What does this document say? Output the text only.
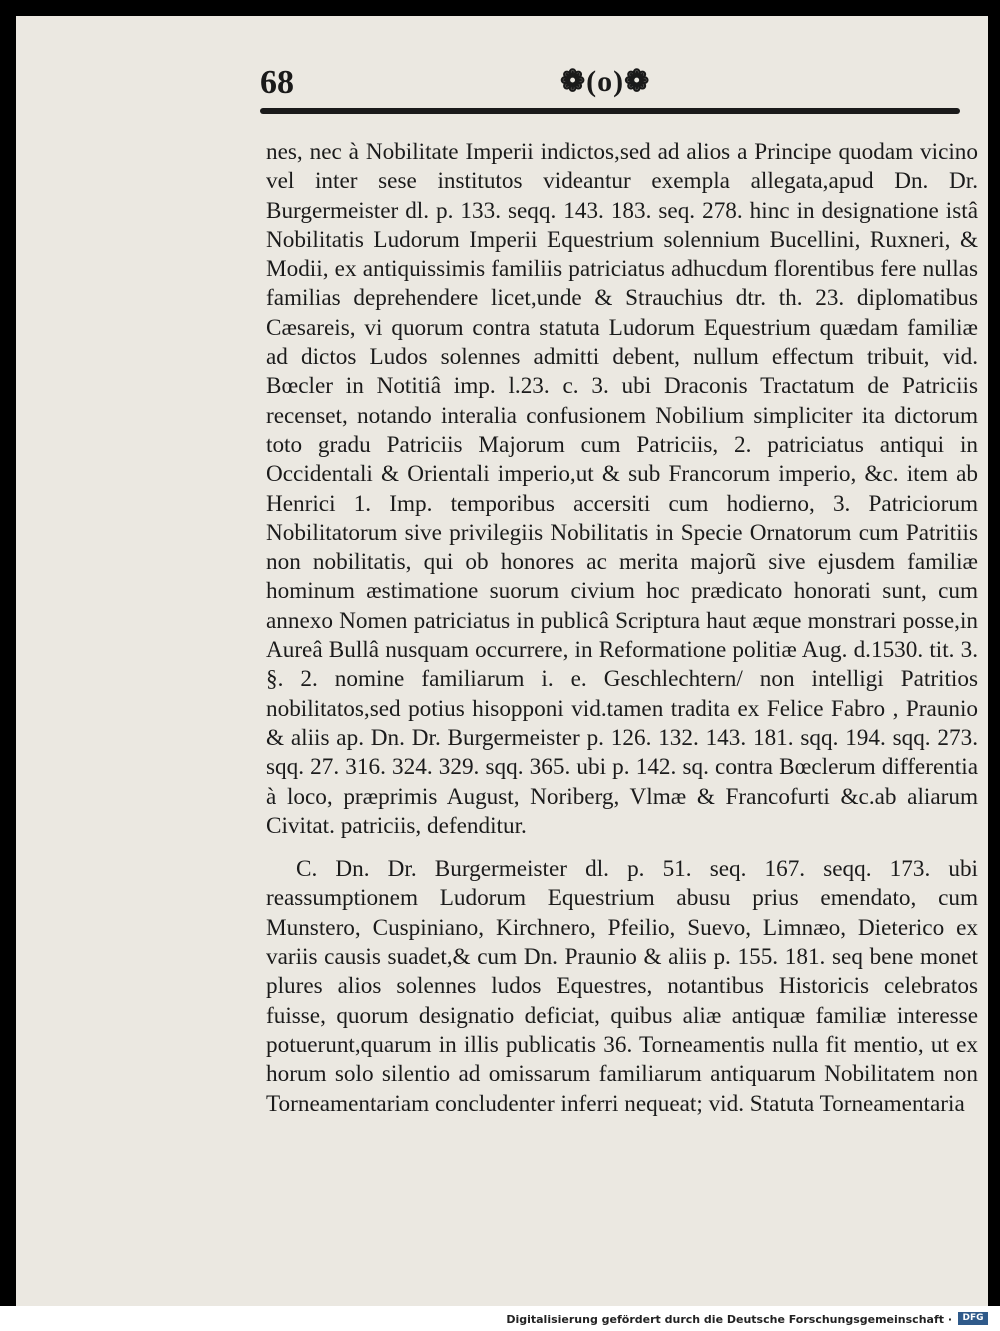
68	❁(o)❁

nes, nec à Nobilitate Imperii indictos,sed ad alios a Principe quodam vicino vel inter sese institutos videantur exempla allegata,apud Dn. Dr. Burgermeister dl. p. 133. seqq. 143. 183. seq. 278. hinc in designatione istâ Nobilitatis Ludorum Imperii Equestrium solennium Bucellini, Ruxneri, & Modii, ex antiquissimis familiis patriciatus adhucdum florentibus fere nullas familias deprehendere licet,unde & Strauchius dtr. th. 23. diplomatibus Cæsareis, vi quorum contra statuta Ludorum Equestrium quædam familiæ ad dictos Ludos solennes admitti debent, nullum effectum tribuit, vid. Bœcler in Notitiâ imp. l.23. c. 3. ubi Draconis Tractatum de Patriciis recenset, notando interalia confusionem Nobilium simpliciter ita dictorum toto gradu Patriciis Majorum cum Patriciis, 2. patriciatus antiqui in Occidentali & Orientali imperio,ut & sub Francorum imperio, &c. item ab Henrici 1. Imp. temporibus accersiti cum hodierno, 3. Patriciorum Nobilitatorum sive privilegiis Nobilitatis in Specie Ornatorum cum Patritiis non nobilitatis, qui ob honores ac merita majorũ sive ejusdem familiæ hominum æstimatione suorum civium hoc prædicato honorati sunt, cum annexo Nomen patriciatus in publicâ Scriptura haut æque monstrari posse,in Aureâ Bullâ nusquam occurrere, in Reformatione politiæ Aug. d.1530. tit. 3. §. 2. nomine familiarum i. e. Geschlechtern/ non intelligi Patritios nobilitatos,sed potius hisopponi vid.tamen tradita ex Felice Fabro , Praunio & aliis ap. Dn. Dr. Burgermeister p. 126. 132. 143. 181. sqq. 194. sqq. 273. sqq. 27. 316. 324. 329. sqq. 365. ubi p. 142. sq. contra Bœclerum differentia à loco, præprimis August, Noriberg, Vlmæ & Francofurti &c.ab aliarum Civitat. patriciis, defenditur.

C. Dn. Dr. Burgermeister dl. p. 51. seq. 167. seqq. 173. ubi reassumptionem Ludorum Equestrium abusu prius emendato, cum Munstero, Cuspiniano, Kirchnero, Pfeilio, Suevo, Limnæo, Dieterico ex variis causis suadet,& cum Dn. Praunio & aliis p. 155. 181. seq bene monet plures alios solennes ludos Equestres, notantibus Historicis celebratos fuisse, quorum designatio deficiat, quibus aliæ antiquæ familiæ interesse potuerunt,quarum in illis publicatis 36. Torneamentis nulla fit mentio, ut ex horum solo silentio ad omissarum familiarum antiquarum Nobilitatem non Torneamentariam concludenter inferri nequeat; vid. Statuta Torneamentaria

Digitalisierung gefördert durch die Deutsche Forschungsgemeinschaft ·	DFG
